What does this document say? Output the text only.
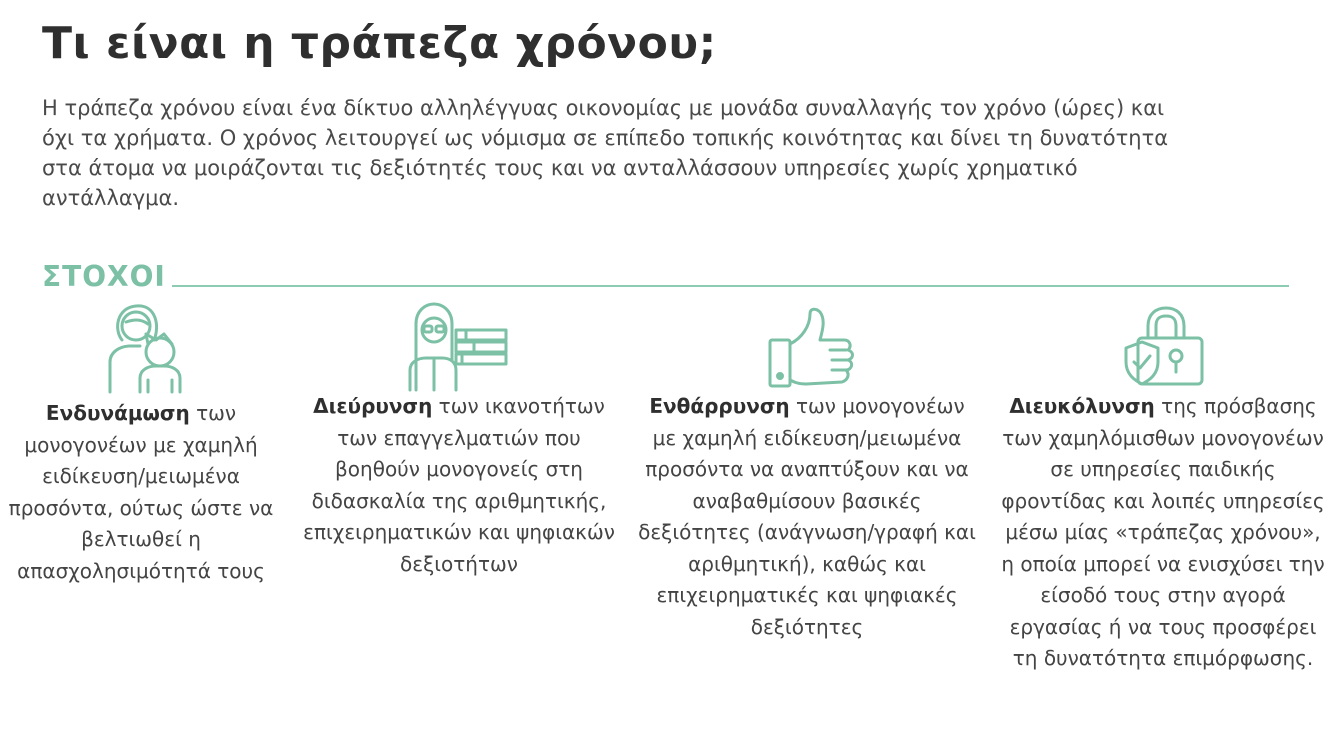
Τι είναι η τράπεζα χρόνου;

Η τράπεζα χρόνου είναι ένα δίκτυο αλληλέγγυας οικονομίας με μονάδα συναλλαγής τον χρόνο (ώρες) και όχι τα χρήματα. Ο χρόνος λειτουργεί ως νόμισμα σε επίπεδο τοπικής κοινότητας και δίνει τη δυνατότητα στα άτομα να μοιράζονται τις δεξιότητές τους και να ανταλλάσσουν υπηρεσίες χωρίς χρηματικό αντάλλαγμα.

ΣΤΟΧΟΙ
Ενδυνάμωση των μονογονέων με χαμηλή ειδίκευση/μειωμένα προσόντα, ούτως ώστε να βελτιωθεί η απασχολησιμότητά τους
Διεύρυνση των ικανοτήτων των επαγγελματιών που βοηθούν μονογονείς στη διδασκαλία της αριθμητικής, επιχειρηματικών και ψηφιακών δεξιοτήτων
Ενθάρρυνση των μονογονέων με χαμηλή ειδίκευση/μειωμένα προσόντα να αναπτύξουν και να αναβαθμίσουν βασικές δεξιότητες (ανάγνωση/γραφή και αριθμητική), καθώς και επιχειρηματικές και ψηφιακές δεξιότητες
Διευκόλυνση της πρόσβασης των χαμηλόμισθων μονογονέων σε υπηρεσίες παιδικής φροντίδας και λοιπές υπηρεσίες μέσω μίας «τράπεζας χρόνου», η οποία μπορεί να ενισχύσει την είσοδό τους στην αγορά εργασίας ή να τους προσφέρει τη δυνατότητα επιμόρφωσης.
